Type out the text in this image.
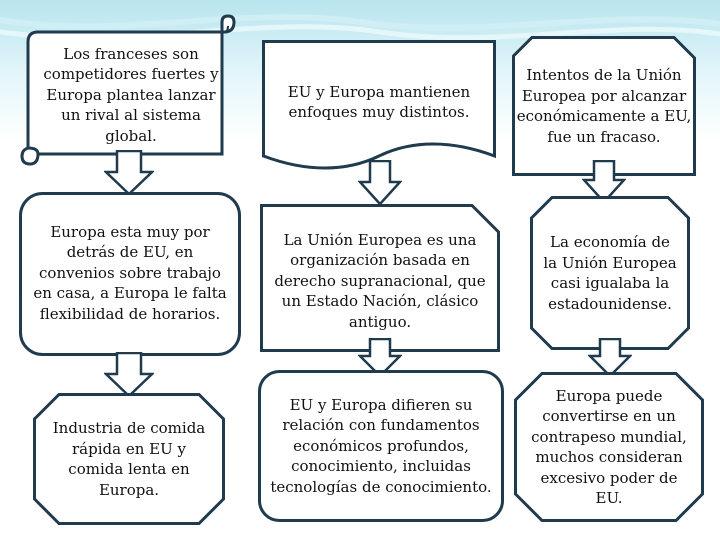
Los franceses son competidores fuertes y Europa plantea lanzar un rival al sistema global.
Europa esta muy por detrás de EU, en convenios sobre trabajo en casa, a Europa le falta flexibilidad de horarios.
Industria de comida rápida en EU y comida lenta en Europa.
EU y Europa mantienen enfoques muy distintos.
La Unión Europea es una organización basada en derecho supranacional, que un Estado Nación, clásico antiguo.
EU y Europa difieren su relación con fundamentos económicos profundos, conocimiento, incluidas tecnologías de conocimiento.
Intentos de la Unión Europea por alcanzar económicamente a EU, fue un fracaso.
La economía de la Unión Europea casi igualaba la estadounidense.
Europa puede convertirse en un contrapeso mundial, muchos consideran excesivo poder de EU.
